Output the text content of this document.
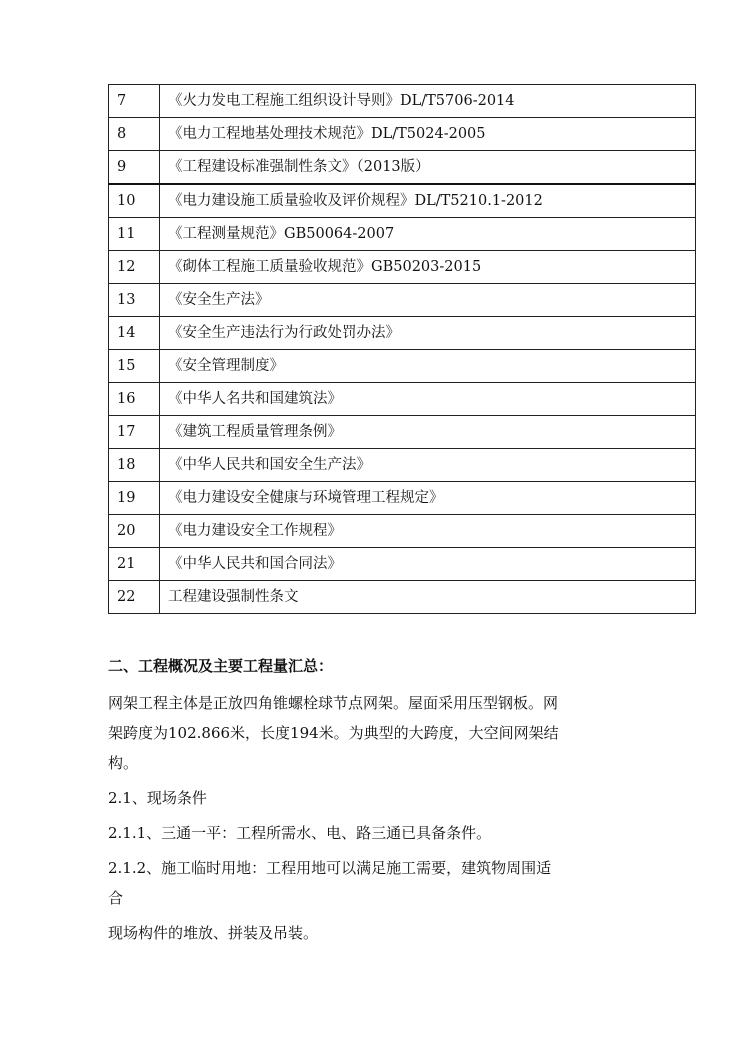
7	《火力发电工程施工组织设计导则》DL/T5706-2014
8	《电力工程地基处理技术规范》DL/T5024-2005
9	《工程建设标准强制性条文》（2013版）
10	《电力建设施工质量验收及评价规程》DL/T5210.1-2012
11	《工程测量规范》GB50064-2007
12	《砌体工程施工质量验收规范》GB50203-2015
13	《安全生产法》
14	《安全生产违法行为行政处罚办法》
15	《安全管理制度》
16	《中华人名共和国建筑法》
17	《建筑工程质量管理条例》
18	《中华人民共和国安全生产法》
19	《电力建设安全健康与环境管理工程规定》
20	《电力建设安全工作规程》
21	《中华人民共和国合同法》
22	工程建设强制性条文
二、工程概况及主要工程量汇总：
网架工程主体是正放四角锥螺栓球节点网架。屋面采用压型钢板。网
架跨度为102.866米，长度194米。为典型的大跨度，大空间网架结
构。
2.1、现场条件
2.1.1、三通一平：工程所需水、电、路三通已具备条件。
2.1.2、施工临时用地：工程用地可以满足施工需要，建筑物周围适
合
现场构件的堆放、拼装及吊装。
